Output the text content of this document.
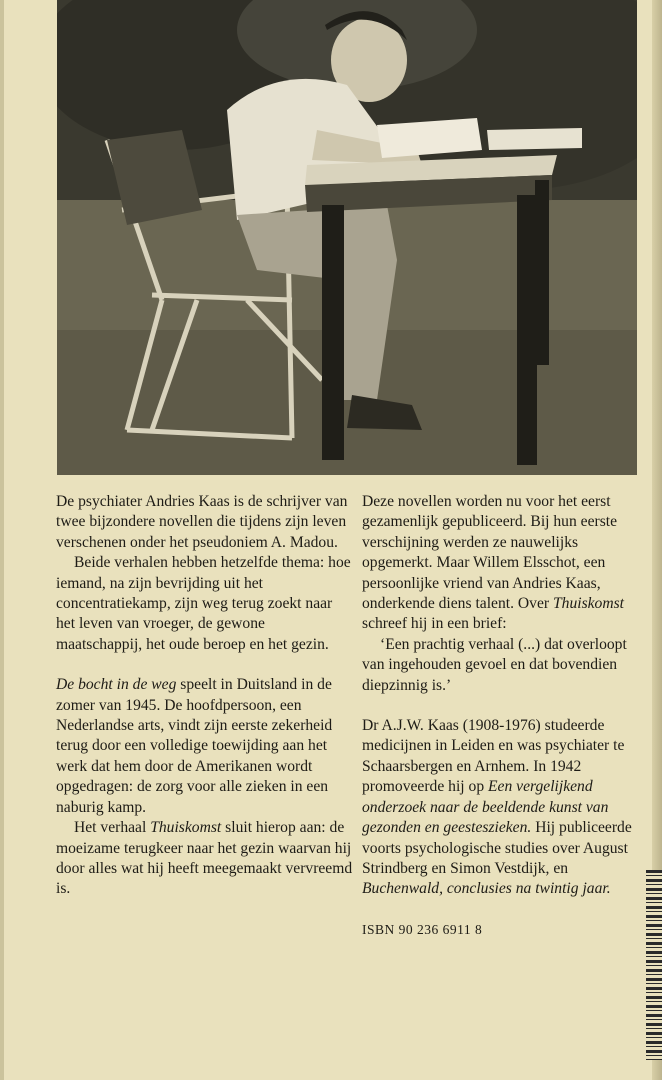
De psychiater Andries Kaas is de schrijver van twee bijzondere novellen die tijdens zijn leven verschenen onder het pseudoniem A. Madou.

Beide verhalen hebben hetzelfde thema: hoe iemand, na zijn bevrijding uit het concentratiekamp, zijn weg terug zoekt naar het leven van vroeger, de gewone maatschappij, het oude beroep en het gezin.

De bocht in de weg speelt in Duitsland in de zomer van 1945. De hoofdpersoon, een Nederlandse arts, vindt zijn eerste zekerheid terug door een volledige toewijding aan het werk dat hem door de Amerikanen wordt opgedragen: de zorg voor alle zieken in een naburig kamp.

Het verhaal Thuiskomst sluit hierop aan: de moeizame terugkeer naar het gezin waarvan hij door alles wat hij heeft meegemaakt vervreemd is.

Deze novellen worden nu voor het eerst gezamenlijk gepubliceerd. Bij hun eerste verschijning werden ze nauwelijks opgemerkt. Maar Willem Elsschot, een persoonlijke vriend van Andries Kaas, onderkende diens talent. Over Thuiskomst schreef hij in een brief:

‘Een prachtig verhaal (...) dat overloopt van ingehouden gevoel en dat bovendien diepzinnig is.’

Dr A.J.W. Kaas (1908-1976) studeerde medicijnen in Leiden en was psychiater te Schaarsbergen en Arnhem. In 1942 promoveerde hij op Een vergelijkend onderzoek naar de beeldende kunst van gezonden en geesteszieken. Hij publiceerde voorts psychologische studies over August Strindberg en Simon Vestdijk, en Buchenwald, conclusies na twintig jaar.

ISBN 90 236 6911 8
